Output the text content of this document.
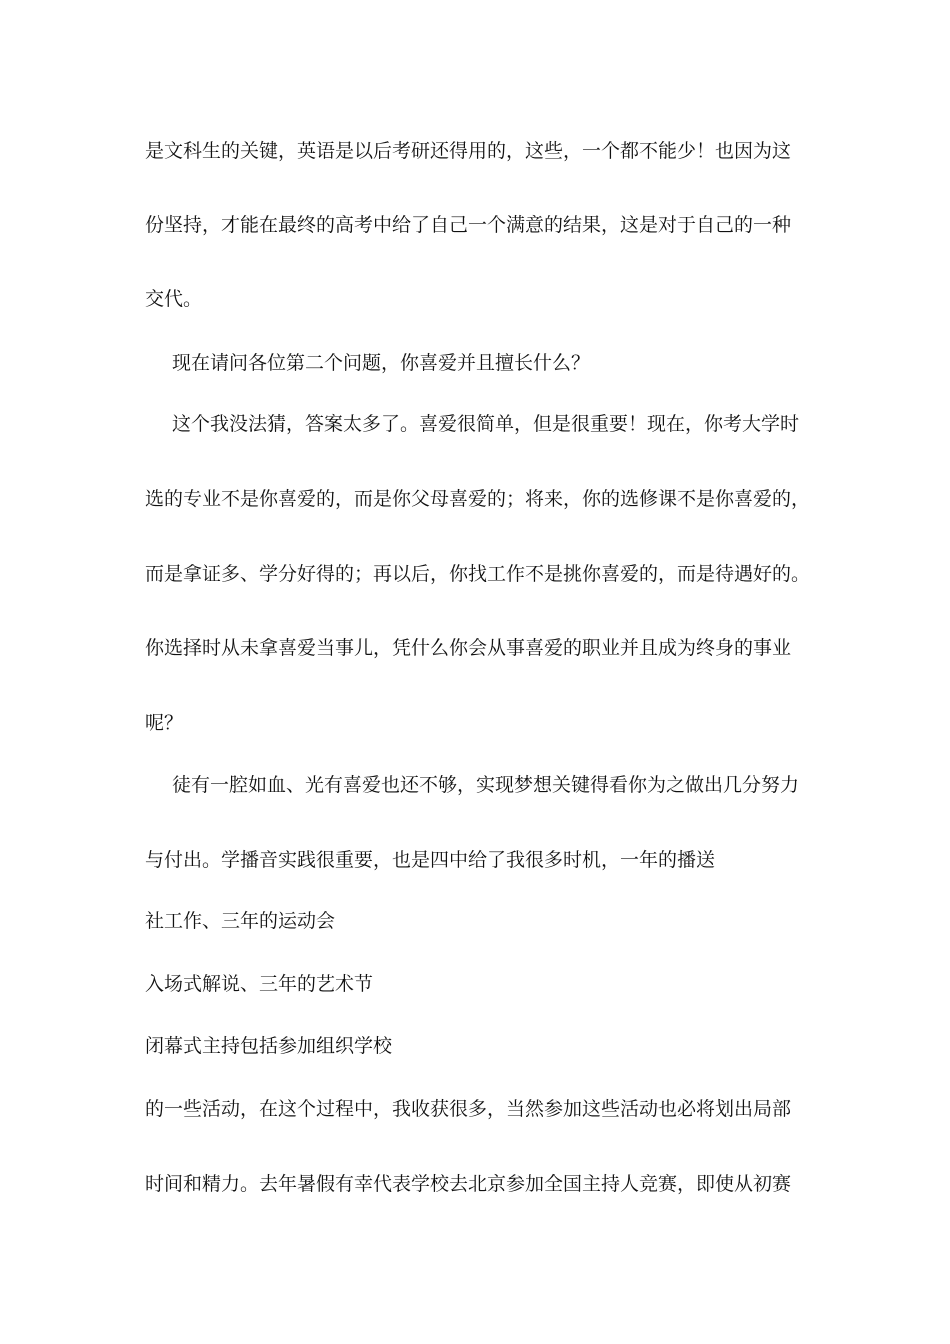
是文科生的关键，英语是以后考研还得用的，这些，一个都不能少！也因为这
份坚持，才能在最终的高考中给了自己一个满意的结果，这是对于自己的一种
交代。
现在请问各位第二个问题，你喜爱并且擅长什么？
这个我没法猜，答案太多了。喜爱很简单，但是很重要！现在，你考大学时
选的专业不是你喜爱的，而是你父母喜爱的；将来，你的选修课不是你喜爱的，
而是拿证多、学分好得的；再以后，你找工作不是挑你喜爱的，而是待遇好的。
你选择时从未拿喜爱当事儿，凭什么你会从事喜爱的职业并且成为终身的事业
呢？
徒有一腔如血、光有喜爱也还不够，实现梦想关键得看你为之做出几分努力
与付出。学播音实践很重要，也是四中给了我很多时机，一年的播送
社工作、三年的运动会
入场式解说、三年的艺术节
闭幕式主持包括参加组织学校
的一些活动，在这个过程中，我收获很多，当然参加这些活动也必将划出局部
时间和精力。去年暑假有幸代表学校去北京参加全国主持人竞赛，即使从初赛
